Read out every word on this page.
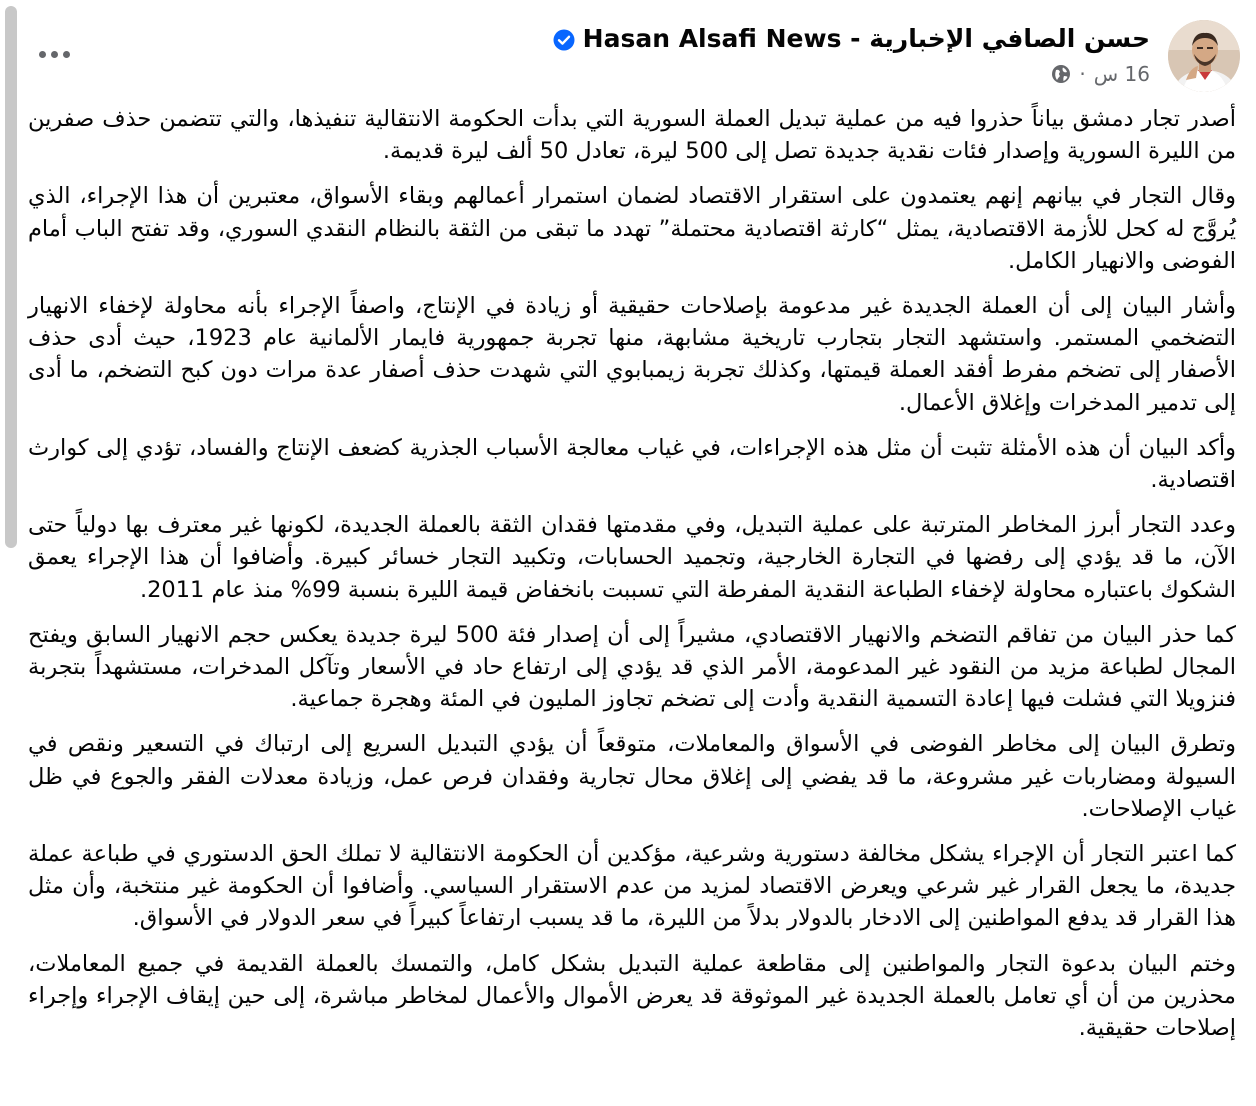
حسن الصافي الإخبارية - Hasan Alsafi News
16 س
·

أصدر تجار دمشق بياناً حذروا فيه من عملية تبديل العملة السورية التي بدأت الحكومة الانتقالية تنفيذها، والتي تتضمن حذف صفرين من الليرة السورية وإصدار فئات نقدية جديدة تصل إلى 500 ليرة، تعادل 50 ألف ليرة قديمة.

وقال التجار في بيانهم إنهم يعتمدون على استقرار الاقتصاد لضمان استمرار أعمالهم وبقاء الأسواق، معتبرين أن هذا الإجراء، الذي يُروَّج له كحل للأزمة الاقتصادية، يمثل “كارثة اقتصادية محتملة” تهدد ما تبقى من الثقة بالنظام النقدي السوري، وقد تفتح الباب أمام الفوضى والانهيار الكامل.

وأشار البيان إلى أن العملة الجديدة غير مدعومة بإصلاحات حقيقية أو زيادة في الإنتاج، واصفاً الإجراء بأنه محاولة لإخفاء الانهيار التضخمي المستمر. واستشهد التجار بتجارب تاريخية مشابهة، منها تجربة جمهورية فايمار الألمانية عام 1923، حيث أدى حذف الأصفار إلى تضخم مفرط أفقد العملة قيمتها، وكذلك تجربة زيمبابوي التي شهدت حذف أصفار عدة مرات دون كبح التضخم، ما أدى إلى تدمير المدخرات وإغلاق الأعمال.

وأكد البيان أن هذه الأمثلة تثبت أن مثل هذه الإجراءات، في غياب معالجة الأسباب الجذرية كضعف الإنتاج والفساد، تؤدي إلى كوارث اقتصادية.

وعدد التجار أبرز المخاطر المترتبة على عملية التبديل، وفي مقدمتها فقدان الثقة بالعملة الجديدة، لكونها غير معترف بها دولياً حتى الآن، ما قد يؤدي إلى رفضها في التجارة الخارجية، وتجميد الحسابات، وتكبيد التجار خسائر كبيرة. وأضافوا أن هذا الإجراء يعمق الشكوك باعتباره محاولة لإخفاء الطباعة النقدية المفرطة التي تسببت بانخفاض قيمة الليرة بنسبة 99% منذ عام 2011.

كما حذر البيان من تفاقم التضخم والانهيار الاقتصادي، مشيراً إلى أن إصدار فئة 500 ليرة جديدة يعكس حجم الانهيار السابق ويفتح المجال لطباعة مزيد من النقود غير المدعومة، الأمر الذي قد يؤدي إلى ارتفاع حاد في الأسعار وتآكل المدخرات، مستشهداً بتجربة فنزويلا التي فشلت فيها إعادة التسمية النقدية وأدت إلى تضخم تجاوز المليون في المئة وهجرة جماعية.

وتطرق البيان إلى مخاطر الفوضى في الأسواق والمعاملات، متوقعاً أن يؤدي التبديل السريع إلى ارتباك في التسعير ونقص في السيولة ومضاربات غير مشروعة، ما قد يفضي إلى إغلاق محال تجارية وفقدان فرص عمل، وزيادة معدلات الفقر والجوع في ظل غياب الإصلاحات.

كما اعتبر التجار أن الإجراء يشكل مخالفة دستورية وشرعية، مؤكدين أن الحكومة الانتقالية لا تملك الحق الدستوري في طباعة عملة جديدة، ما يجعل القرار غير شرعي ويعرض الاقتصاد لمزيد من عدم الاستقرار السياسي. وأضافوا أن الحكومة غير منتخبة، وأن مثل هذا القرار قد يدفع المواطنين إلى الادخار بالدولار بدلاً من الليرة، ما قد يسبب ارتفاعاً كبيراً في سعر الدولار في الأسواق.

وختم البيان بدعوة التجار والمواطنين إلى مقاطعة عملية التبديل بشكل كامل، والتمسك بالعملة القديمة في جميع المعاملات، محذرين من أن أي تعامل بالعملة الجديدة غير الموثوقة قد يعرض الأموال والأعمال لمخاطر مباشرة، إلى حين إيقاف الإجراء وإجراء إصلاحات حقيقية.
